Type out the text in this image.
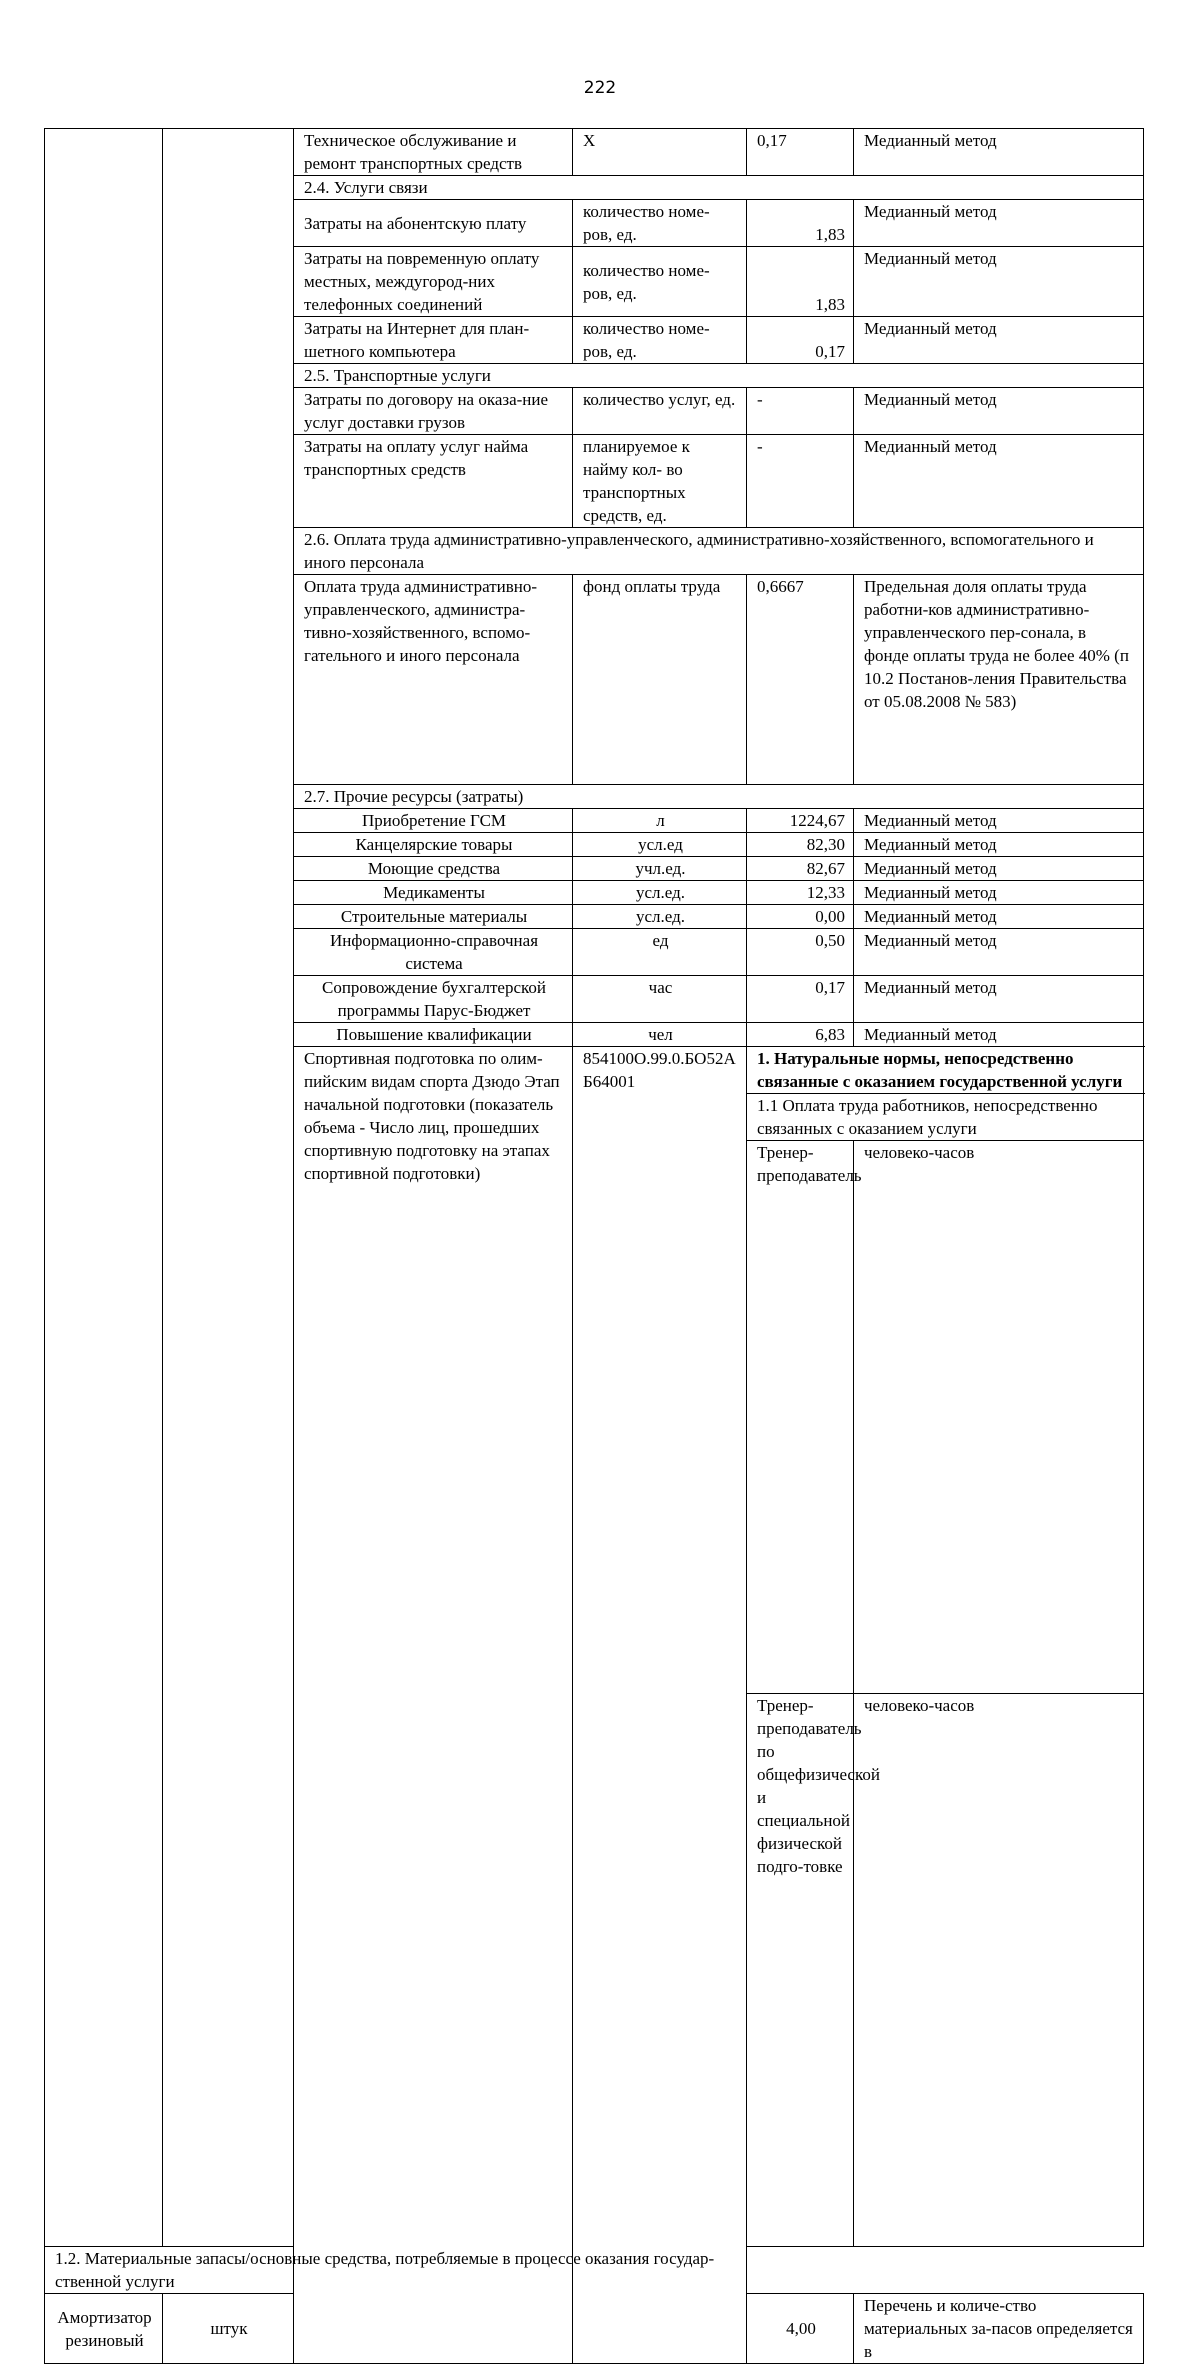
222
		Техническое обслуживание и ремонт транспортных средств	Х	0,17	Медианный метод	
		2.4. Услуги связи				
		Затраты на абонентскую плату	количество номе-ров, ед.	1,83	Медианный метод	
		Затраты на повременную оплату местных, междугород-них телефонных соединений	количество номе-ров, ед.	1,83	Медианный метод	
		Затраты на Интернет для план-шетного компьютера	количество номе-ров, ед.	0,17	Медианный метод	
		2.5. Транспортные услуги				
		Затраты по договору на оказа-ние услуг доставки грузов	количество услуг, ед.	-	Медианный метод	
		Затраты на оплату услуг найма транспортных средств	планируемое к найму кол- во транспортных средств, ед.	-	Медианный метод	
		2.6. Оплата труда административно-управленческого, административно-хозяйственного, вспомогательного и иного персонала				
		Оплата труда административно-управленческого, администра-тивно-хозяйственного, вспомо-гательного и иного персонала	фонд оплаты труда	0,6667	Предельная доля оплаты труда работни-ков административно-управленческого пер-сонала, в фонде оплаты труда не более 40% (п 10.2 Постанов-ления Правительства от 05.08.2008 № 583)	
		2.7. Прочие ресурсы (затраты)				
		Приобретение ГСМ	л	1224,67	Медианный метод	
		Канцелярские товары	усл.ед	82,30	Медианный метод	
		Моющие средства	учл.ед.	82,67	Медианный метод	
		Медикаменты	усл.ед.	12,33	Медианный метод	
		Строительные материалы	усл.ед.	0,00	Медианный метод	
		Информационно-справочная система	ед	0,50	Медианный метод	
		Сопровождение бухгалтерской программы Парус-Бюджет	час	0,17	Медианный метод	
		Повышение квалификации	чел	6,83	Медианный метод	
		Спортивная подготовка по олим-пийским видам спорта Дзюдо Этап начальной подготовки (показатель объема - Число лиц, прошедших спортивную подготовку на этапах спортивной подготовки)	854100О.99.0.БО52АБ64001	1. Натуральные нормы, непосредственно связанные с оказанием государственной услуги		
				1.1 Оплата труда работников, непосредственно связанных с оказанием услуги		
				Тренер-преподаватель	человеко-часов		
				Тренер-преподаватель по общефизической и специальной физической подго-товке	человеко-часов		
1.2. Материальные запасы/основные средства, потребляемые в процессе оказания государ-ственной услуги						
Амортизатор резиновый	штук			4,00	Перечень и количе-ство материальных за-пасов определяется в	
